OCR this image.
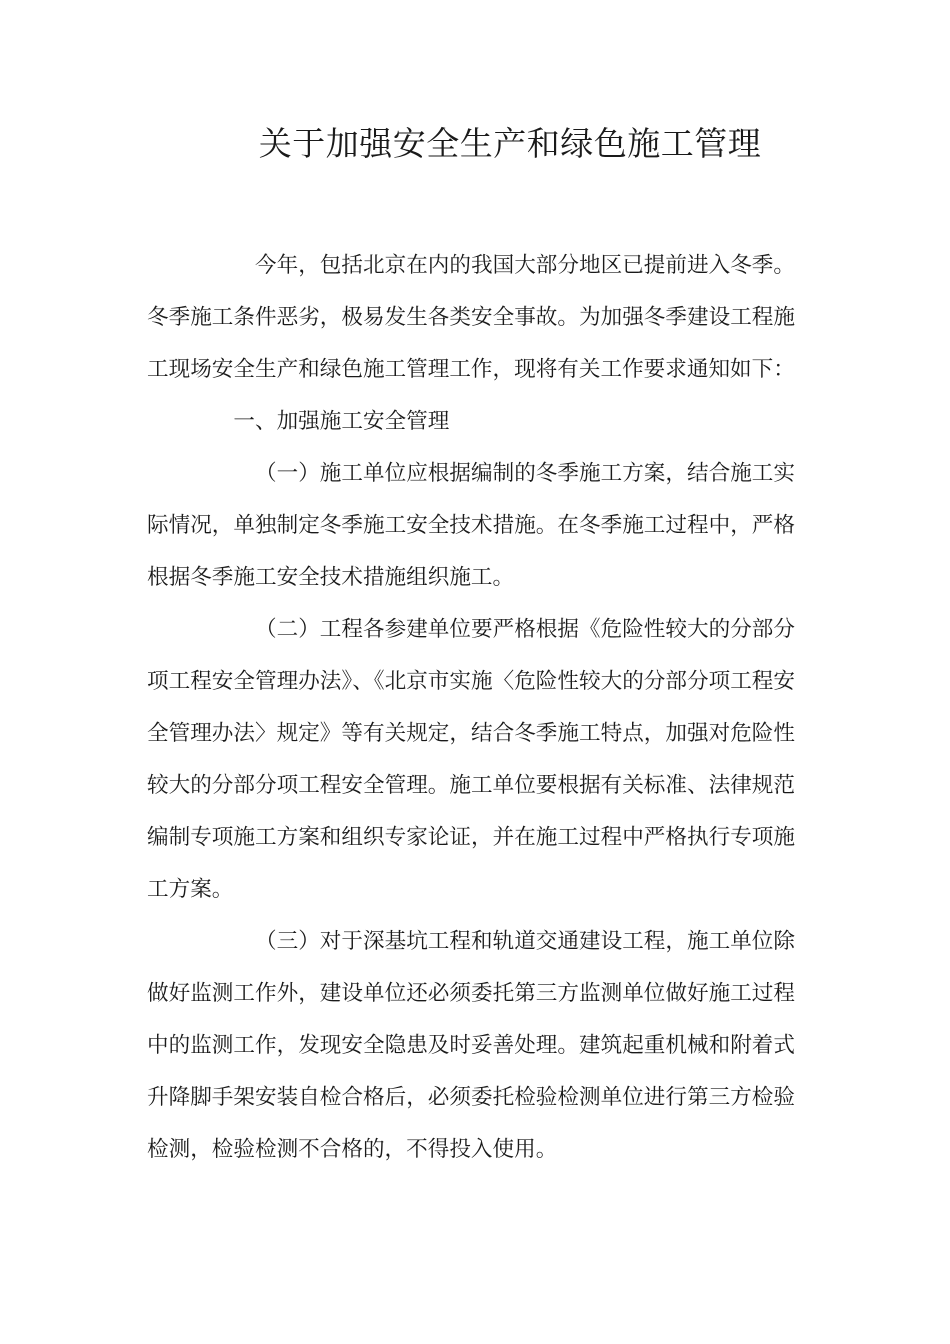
关于加强安全生产和绿色施工管理

今年，包括北京在内的我国大部分地区已提前进入冬季。冬季施工条件恶劣，极易发生各类安全事故。为加强冬季建设工程施工现场安全生产和绿色施工管理工作，现将有关工作要求通知如下：

一、加强施工安全管理

（一）施工单位应根据编制的冬季施工方案，结合施工实际情况，单独制定冬季施工安全技术措施。在冬季施工过程中，严格根据冬季施工安全技术措施组织施工。

（二）工程各参建单位要严格根据《危险性较大的分部分项工程安全管理办法》、《北京市实施〈危险性较大的分部分项工程安全管理办法〉规定》等有关规定，结合冬季施工特点，加强对危险性较大的分部分项工程安全管理。施工单位要根据有关标准、法律规范编制专项施工方案和组织专家论证，并在施工过程中严格执行专项施工方案。

（三）对于深基坑工程和轨道交通建设工程，施工单位除做好监测工作外，建设单位还必须委托第三方监测单位做好施工过程中的监测工作，发现安全隐患及时妥善处理。建筑起重机械和附着式升降脚手架安装自检合格后，必须委托检验检测单位进行第三方检验检测，检验检测不合格的，不得投入使用。
